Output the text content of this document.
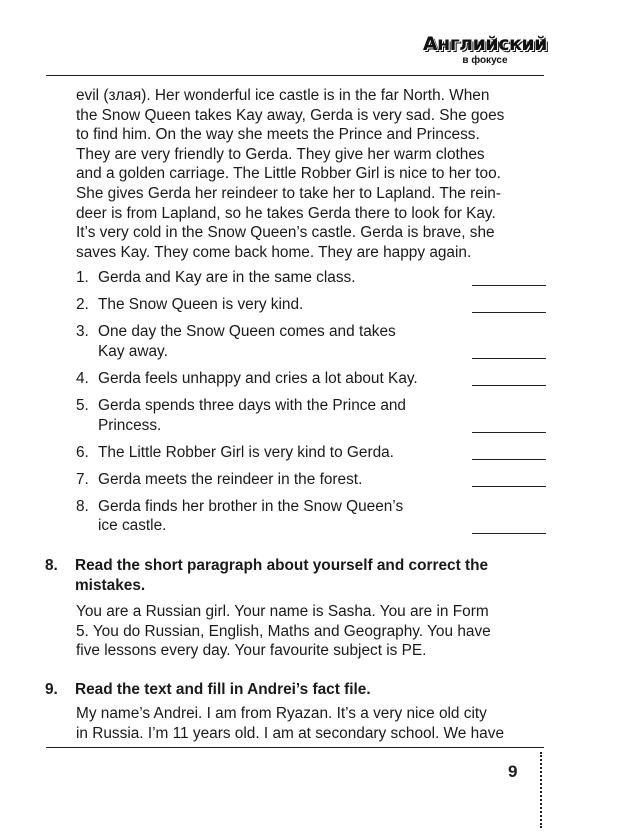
Английский
в фокусе

evil (злая). Her wonderful ice castle is in the far North. When
the Snow Queen takes Kay away, Gerda is very sad. She goes
to find him. On the way she meets the Prince and Princess.
They are very friendly to Gerda. They give her warm clothes
and a golden carriage. The Little Robber Girl is nice to her too.
She gives Gerda her reindeer to take her to Lapland. The rein-
deer is from Lapland, so he takes Gerda there to look for Kay.
It’s very cold in the Snow Queen’s castle. Gerda is brave, she
saves Kay. They come back home. They are happy again.

1. Gerda and Kay are in the same class.
2. The Snow Queen is very kind.
3. One day the Snow Queen comes and takes
Kay away.
4. Gerda feels unhappy and cries a lot about Kay.
5. Gerda spends three days with the Prince and
Princess.
6. The Little Robber Girl is very kind to Gerda.
7. Gerda meets the reindeer in the forest.
8. Gerda finds her brother in the Snow Queen’s
ice castle.
8. Read the short paragraph about yourself and correct the
mistakes.

You are a Russian girl. Your name is Sasha. You are in Form
5. You do Russian, English, Maths and Geography. You have
five lessons every day. Your favourite subject is PE.

9. Read the text and fill in Andrei’s fact file.

My name’s Andrei. I am from Ryazan. It’s a very nice old city
in Russia. I’m 11 years old. I am at secondary school. We have

9
